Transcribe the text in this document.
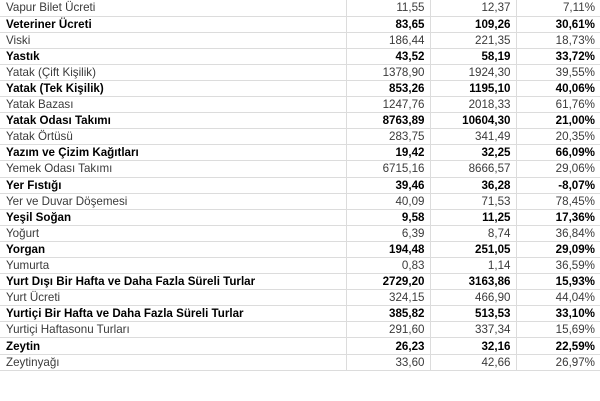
Vapur Bilet Ücreti	11,55	12,37	7,11%
Veteriner Ücreti	83,65	109,26	30,61%
Viski	186,44	221,35	18,73%
Yastık	43,52	58,19	33,72%
Yatak (Çift Kişilik)	1378,90	1924,30	39,55%
Yatak (Tek Kişilik)	853,26	1195,10	40,06%
Yatak Bazası	1247,76	2018,33	61,76%
Yatak Odası Takımı	8763,89	10604,30	21,00%
Yatak Örtüsü	283,75	341,49	20,35%
Yazım ve Çizim Kağıtları	19,42	32,25	66,09%
Yemek Odası Takımı	6715,16	8666,57	29,06%
Yer Fıstığı	39,46	36,28	-8,07%
Yer ve Duvar Döşemesi	40,09	71,53	78,45%
Yeşil Soğan	9,58	11,25	17,36%
Yoğurt	6,39	8,74	36,84%
Yorgan	194,48	251,05	29,09%
Yumurta	0,83	1,14	36,59%
Yurt Dışı Bir Hafta ve Daha Fazla Süreli Turlar	2729,20	3163,86	15,93%
Yurt Ücreti	324,15	466,90	44,04%
Yurtiçi Bir Hafta ve Daha Fazla Süreli Turlar	385,82	513,53	33,10%
Yurtiçi Haftasonu Turları	291,60	337,34	15,69%
Zeytin	26,23	32,16	22,59%
Zeytinyağı	33,60	42,66	26,97%
